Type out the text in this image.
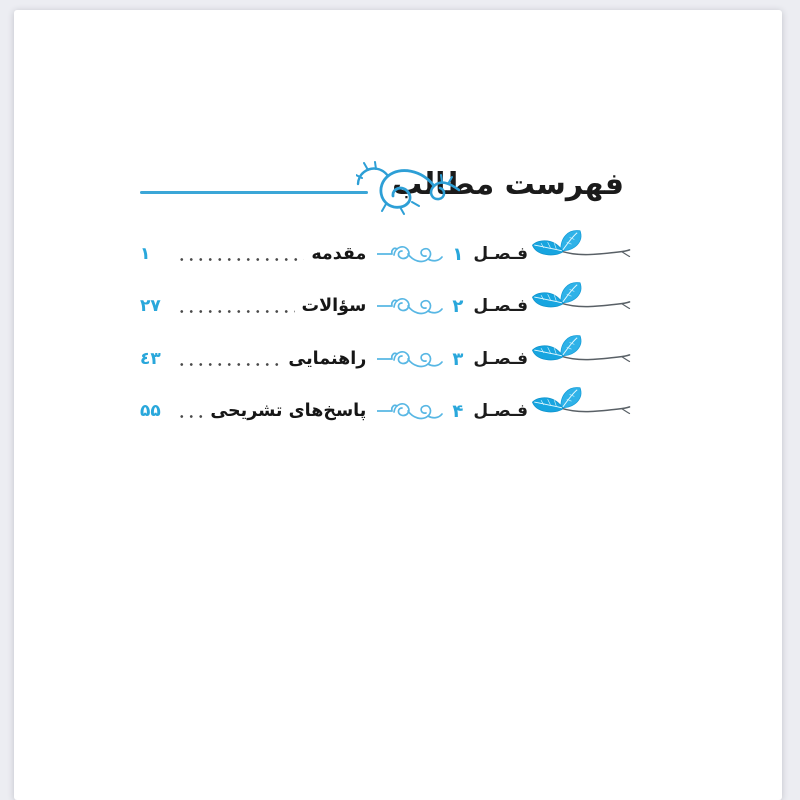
فهرست مطالب
فـصـل
۱
مقدمه
۱
فـصـل
۲
سؤالات
۲۷
فـصـل
۳
راهنمایی
٤٣
فـصـل
۴
پاسخ‌های تشریحی
۵۵
